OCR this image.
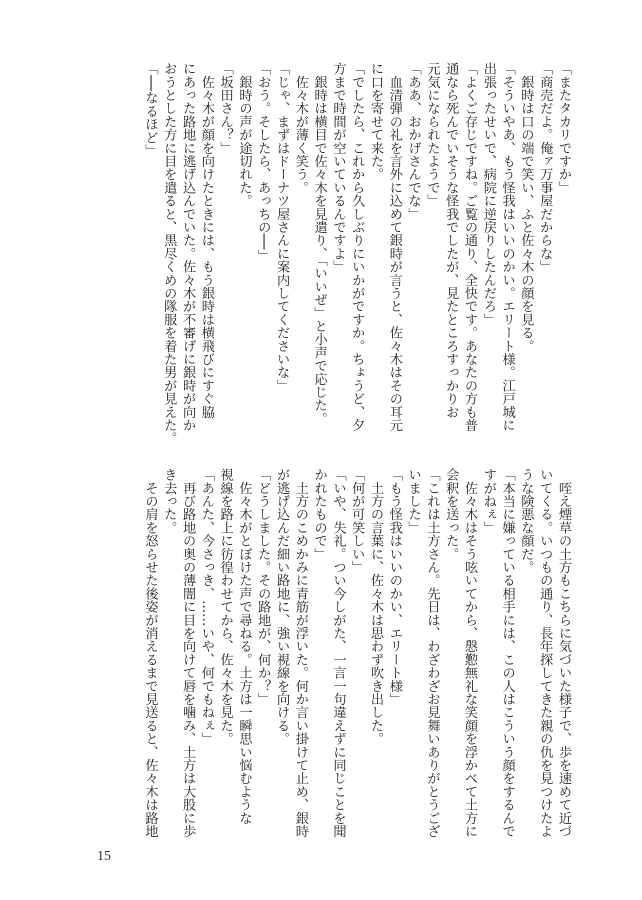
「またタカリですか」
「商売だよ。俺ァ万事屋だからな」
　銀時は口の端で笑い、ふと佐々木の顔を見る。
「そういやあ、もう怪我はいいのかい。エリート様。江戸城に
出張ったせいで、病院に逆戻りしたんだろ」
「よくご存じですね。ご覧の通り、全快です。あなたの方も普
通なら死んでいそうな怪我でしたが、見たところすっかりお
元気になられたようで」
「ああ、おかげさんでな」
　血清弾の礼を言外に込めて銀時が言うと、佐々木はその耳元
に口を寄せて来た。
「でしたら、これから久しぶりにいかがですか。ちょうど、夕
方まで時間が空いているんですよ」
　銀時は横目で佐々木を見遣り、「いいぜ」と小声で応じた。
　佐々木が薄く笑う。
「じゃ、まずはドーナツ屋さんに案内してくださいな」
「おう。そしたら、あっちの──」
　銀時の声が途切れた。
「坂田さん？」
　佐々木が顔を向けたときには、もう銀時は横飛びにすぐ脇
にあった路地に逃げ込んでいた。佐々木が不審げに銀時が向か
おうとした方に目を遣ると、黒尽くめの隊服を着た男が見えた。
「──なるほど」
　咥え煙草の土方もこちらに気づいた様子で、歩を速めて近づ
いてくる。いつもの通り、長年探してきた親の仇を見つけたよ
うな険悪な顔だ。
「本当に嫌っている相手には、この人はこういう顔をするんで
すがねぇ」
　佐々木はそう呟いてから、慇懃無礼な笑顔を浮かべて土方に
会釈を送った。
「これは土方さん。先日は、わざわざお見舞いありがとうござ
いました」
「もう怪我はいいのかい、エリート様」
　土方の言葉に、佐々木は思わず吹き出した。
「何が可笑しい」
「いや、失礼。つい今しがた、一言一句違えずに同じことを聞
かれたもので」
　土方のこめかみに青筋が浮いた。何か言い掛けて止め、銀時
が逃げ込んだ細い路地に、強い視線を向ける。
「どうしました。その路地が、何か？」
　佐々木がとぼけた声で尋ねる。土方は一瞬思い悩むような
視線を路上に彷徨わせてから、佐々木を見た。
「あんた、今さっき、……いや、何でもねぇ」
　再び路地の奥の薄闇に目を向けて唇を噛み、土方は大股に歩
き去った。
　その肩を怒らせた後姿が消えるまで見送ると、佐々木は路地
15
